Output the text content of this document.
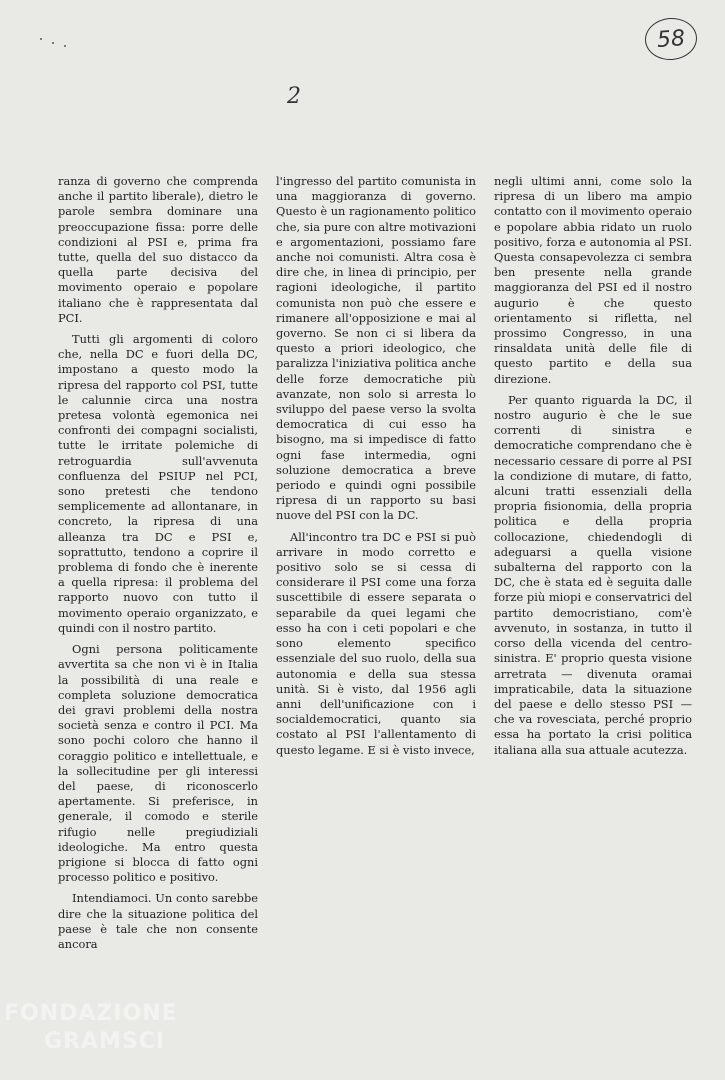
58
2

ranza di governo che comprenda anche il partito liberale), dietro le parole sembra dominare una preoccupazione fissa: porre delle condizioni al PSI e, prima fra tutte, quella del suo distacco da quella parte decisiva del movimento operaio e popolare italiano che è rappresentata dal PCI.

Tutti gli argomenti di coloro che, nella DC e fuori della DC, impostano a questo modo la ripresa del rapporto col PSI, tutte le calunnie circa una nostra pretesa volontà egemonica nei confronti dei compagni socialisti, tutte le irritate polemiche di retroguardia sull'avvenuta confluenza del PSIUP nel PCI, sono pretesti che tendono semplicemente ad allontanare, in concreto, la ripresa di una alleanza tra DC e PSI e, soprattutto, tendono a coprire il problema di fondo che è inerente a quella ripresa: il problema del rapporto nuovo con tutto il movimento operaio organizzato, e quindi con il nostro partito.

Ogni persona politicamente avvertita sa che non vi è in Italia la possibilità di una reale e completa soluzione democratica dei gravi problemi della nostra società senza e contro il PCI. Ma sono pochi coloro che hanno il coraggio politico e intellettuale, e la sollecitudine per gli interessi del paese, di riconoscerlo apertamente. Si preferisce, in generale, il comodo e sterile rifugio nelle pregiudiziali ideologiche. Ma entro questa prigione si blocca di fatto ogni processo politico e positivo.

Intendiamoci. Un conto sarebbe dire che la situazione politica del paese è tale che non consente ancora

l'ingresso del partito comunista in una maggioranza di governo. Questo è un ragionamento politico che, sia pure con altre motivazioni e argomentazioni, possiamo fare anche noi comunisti. Altra cosa è dire che, in linea di principio, per ragioni ideologiche, il partito comunista non può che essere e rimanere all'opposizione e mai al governo. Se non ci si libera da questo a priori ideologico, che paralizza l'iniziativa politica anche delle forze democratiche più avanzate, non solo si arresta lo sviluppo del paese verso la svolta democratica di cui esso ha bisogno, ma si impedisce di fatto ogni fase intermedia, ogni soluzione democratica a breve periodo e quindi ogni possibile ripresa di un rapporto su basi nuove del PSI con la DC.

All'incontro tra DC e PSI si può arrivare in modo corretto e positivo solo se si cessa di considerare il PSI come una forza suscettibile di essere separata o separabile da quei legami che esso ha con i ceti popolari e che sono elemento specifico essenziale del suo ruolo, della sua autonomia e della sua stessa unità. Si è visto, dal 1956 agli anni dell'unificazione con i socialdemocratici, quanto sia costato al PSI l'allentamento di questo legame. E si è visto invece,

negli ultimi anni, come solo la ripresa di un libero ma ampio contatto con il movimento operaio e popolare abbia ridato un ruolo positivo, forza e autonomia al PSI. Questa consapevolezza ci sembra ben presente nella grande maggioranza del PSI ed il nostro augurio è che questo orientamento si rifletta, nel prossimo Congresso, in una rinsaldata unità delle file di questo partito e della sua direzione.

Per quanto riguarda la DC, il nostro augurio è che le sue correnti di sinistra e democratiche comprendano che è necessario cessare di porre al PSI la condizione di mutare, di fatto, alcuni tratti essenziali della propria fisionomia, della propria politica e della propria collocazione, chiedendogli di adeguarsi a quella visione subalterna del rapporto con la DC, che è stata ed è seguita dalle forze più miopi e conservatrici del partito democristiano, com'è avvenuto, in sostanza, in tutto il corso della vicenda del centro-sinistra. E' proprio questa visione arretrata — divenuta oramai impraticabile, data la situazione del paese e dello stesso PSI — che va rovesciata, perché proprio essa ha portato la crisi politica italiana alla sua attuale acutezza.

FONDAZIONE
GRAMSCI
